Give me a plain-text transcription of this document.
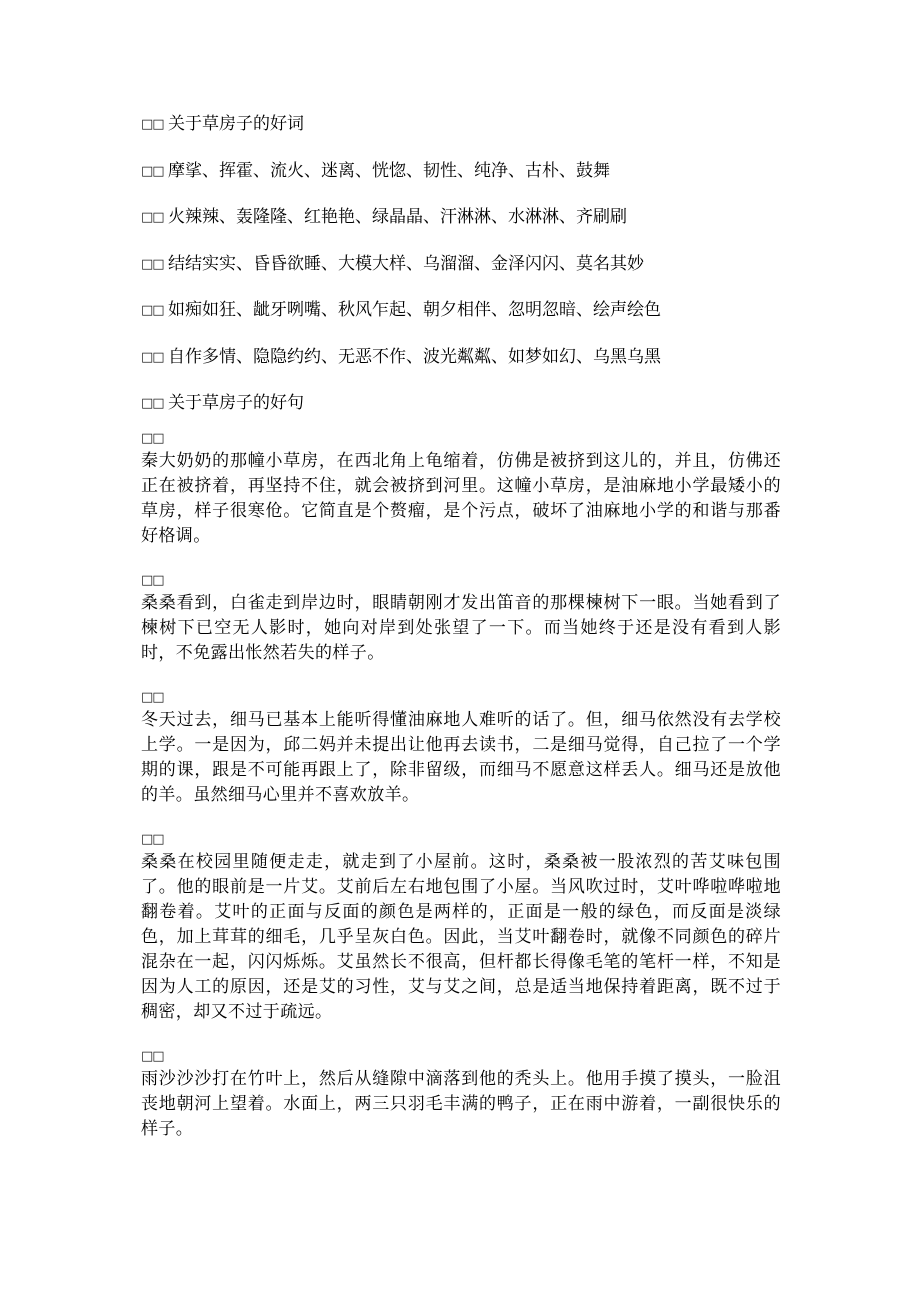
□□ 关于草房子的好词
□□ 摩挲、挥霍、流火、迷离、恍惚、韧性、纯净、古朴、鼓舞
□□ 火辣辣、轰隆隆、红艳艳、绿晶晶、汗淋淋、水淋淋、齐刷刷
□□ 结结实实、昏昏欲睡、大模大样、乌溜溜、金泽闪闪、莫名其妙
□□ 如痴如狂、龇牙咧嘴、秋风乍起、朝夕相伴、忽明忽暗、绘声绘色
□□ 自作多情、隐隐约约、无恶不作、波光粼粼、如梦如幻、乌黑乌黑
□□ 关于草房子的好句
□□

秦大奶奶的那幢小草房，在西北角上龟缩着，仿佛是被挤到这儿的，并且，仿佛还正在被挤着，再坚持不住，就会被挤到河里。这幢小草房，是油麻地小学最矮小的草房，样子很寒伧。它简直是个赘瘤，是个污点，破坏了油麻地小学的和谐与那番好格调。

□□

桑桑看到，白雀走到岸边时，眼睛朝刚才发出笛音的那棵楝树下一眼。当她看到了楝树下已空无人影时，她向对岸到处张望了一下。而当她终于还是没有看到人影时，不免露出怅然若失的样子。

□□

冬天过去，细马已基本上能听得懂油麻地人难听的话了。但，细马依然没有去学校上学。一是因为，邱二妈并未提出让他再去读书，二是细马觉得，自己拉了一个学期的课，跟是不可能再跟上了，除非留级，而细马不愿意这样丢人。细马还是放他的羊。虽然细马心里并不喜欢放羊。

□□

桑桑在校园里随便走走，就走到了小屋前。这时，桑桑被一股浓烈的苦艾味包围了。他的眼前是一片艾。艾前后左右地包围了小屋。当风吹过时，艾叶哗啦哗啦地翻卷着。艾叶的正面与反面的颜色是两样的，正面是一般的绿色，而反面是淡绿色，加上茸茸的细毛，几乎呈灰白色。因此，当艾叶翻卷时，就像不同颜色的碎片混杂在一起，闪闪烁烁。艾虽然长不很高，但杆都长得像毛笔的笔杆一样，不知是因为人工的原因，还是艾的习性，艾与艾之间，总是适当地保持着距离，既不过于稠密，却又不过于疏远。

□□

雨沙沙沙打在竹叶上，然后从缝隙中滴落到他的秃头上。他用手摸了摸头，一脸沮丧地朝河上望着。水面上，两三只羽毛丰满的鸭子，正在雨中游着，一副很快乐的样子。
